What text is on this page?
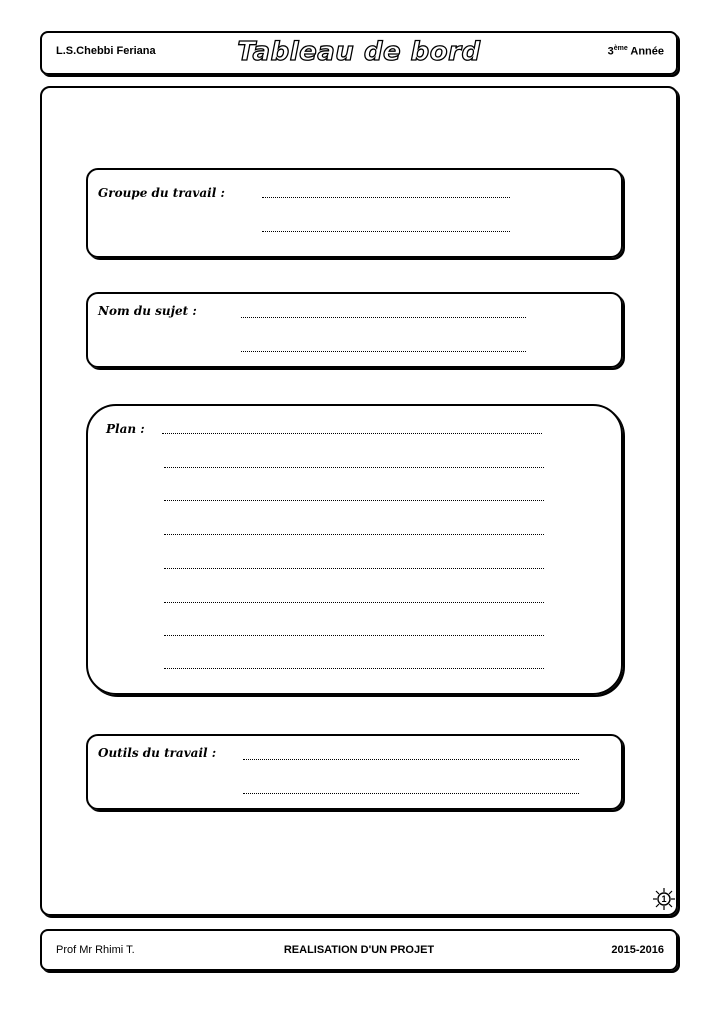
L.S.Chebbi Feriana	Tableau de bord	3ème Année
Groupe du travail :
Nom du sujet :
Plan :
Outils du travail :
1
Prof Mr Rhimi T.	REALISATION D'UN PROJET	2015-2016
